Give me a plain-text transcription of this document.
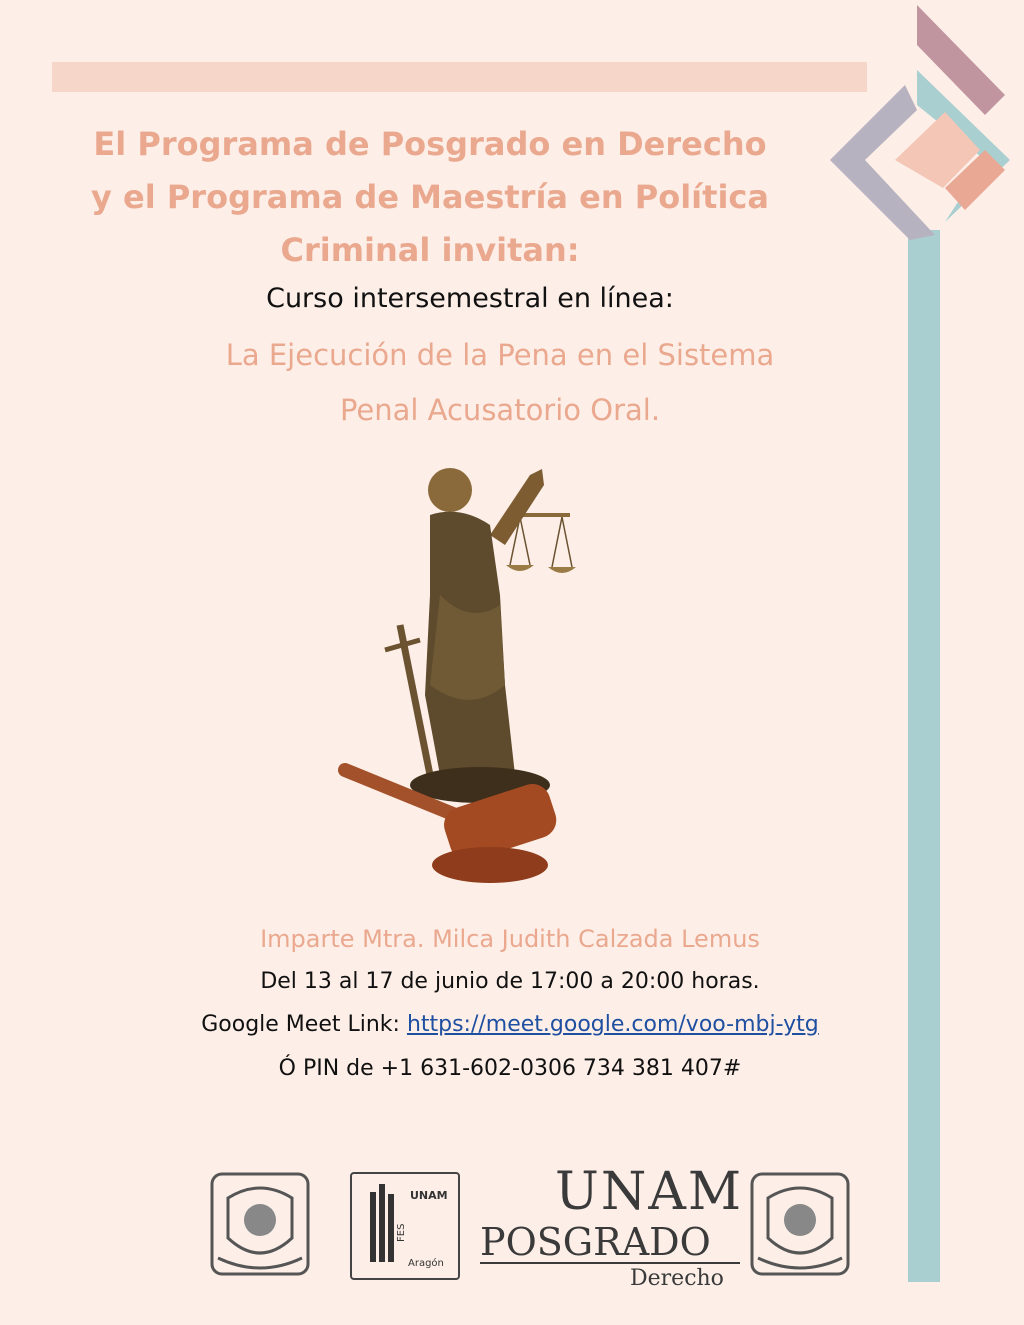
El Programa de Posgrado en Derecho
y el Programa de Maestría en Política
Criminal invitan:
Curso intersemestral en línea:
La Ejecución de la Pena en el Sistema
Penal Acusatorio Oral.
Imparte Mtra. Milca Judith Calzada Lemus
Del 13 al 17 de junio de 17:00 a 20:00 horas.
Google Meet Link: https://meet.google.com/voo-mbj-ytg
Ó PIN de +1 631-602-0306 734 381 407#
UNAM
FES
Aragón
UNAM
POSGRADO
Derecho
